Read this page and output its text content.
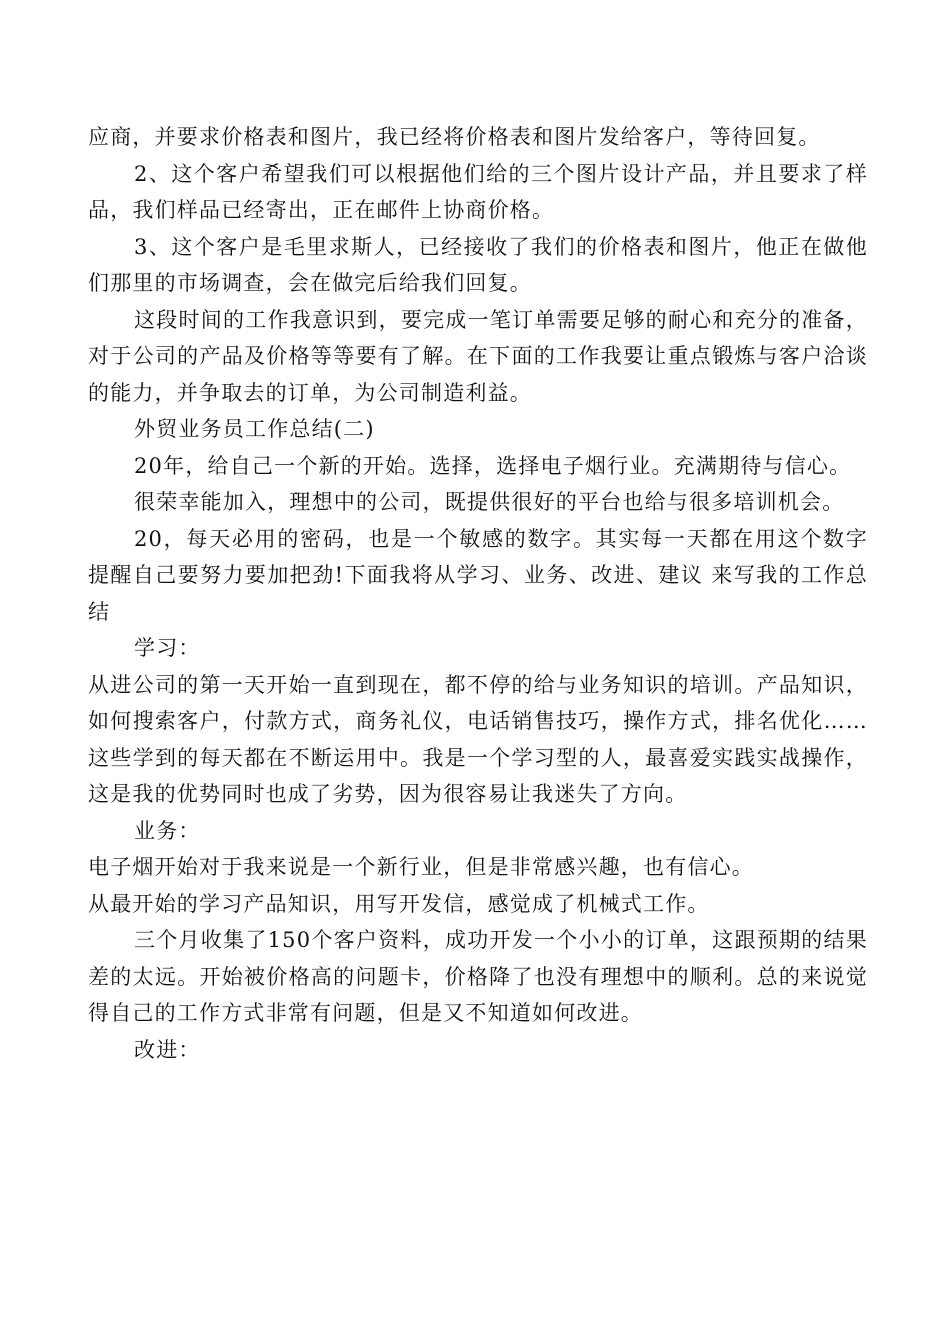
应商，并要求价格表和图片，我已经将价格表和图片发给客户，等待回复。

2、这个客户希望我们可以根据他们给的三个图片设计产品，并且要求了样品，我们样品已经寄出，正在邮件上协商价格。

3、这个客户是毛里求斯人，已经接收了我们的价格表和图片，他正在做他们那里的市场调查，会在做完后给我们回复。

这段时间的工作我意识到，要完成一笔订单需要足够的耐心和充分的准备，对于公司的产品及价格等等要有了解。在下面的工作我要让重点锻炼与客户洽谈的能力，并争取去的订单，为公司制造利益。

外贸业务员工作总结(二)

20年，给自己一个新的开始。选择，选择电子烟行业。充满期待与信心。

很荣幸能加入，理想中的公司，既提供很好的平台也给与很多培训机会。

20，每天必用的密码，也是一个敏感的数字。其实每一天都在用这个数字提醒自己要努力要加把劲!下面我将从学习、业务、改进、建议 来写我的工作总结

学习：

从进公司的第一天开始一直到现在，都不停的给与业务知识的培训。产品知识，如何搜索客户，付款方式，商务礼仪，电话销售技巧，操作方式，排名优化……这些学到的每天都在不断运用中。我是一个学习型的人，最喜爱实践实战操作，这是我的优势同时也成了劣势，因为很容易让我迷失了方向。

业务：

电子烟开始对于我来说是一个新行业，但是非常感兴趣，也有信心。

从最开始的学习产品知识，用写开发信，感觉成了机械式工作。

三个月收集了150个客户资料，成功开发一个小小的订单，这跟预期的结果差的太远。开始被价格高的问题卡，价格降了也没有理想中的顺利。总的来说觉得自己的工作方式非常有问题，但是又不知道如何改进。

改进：
